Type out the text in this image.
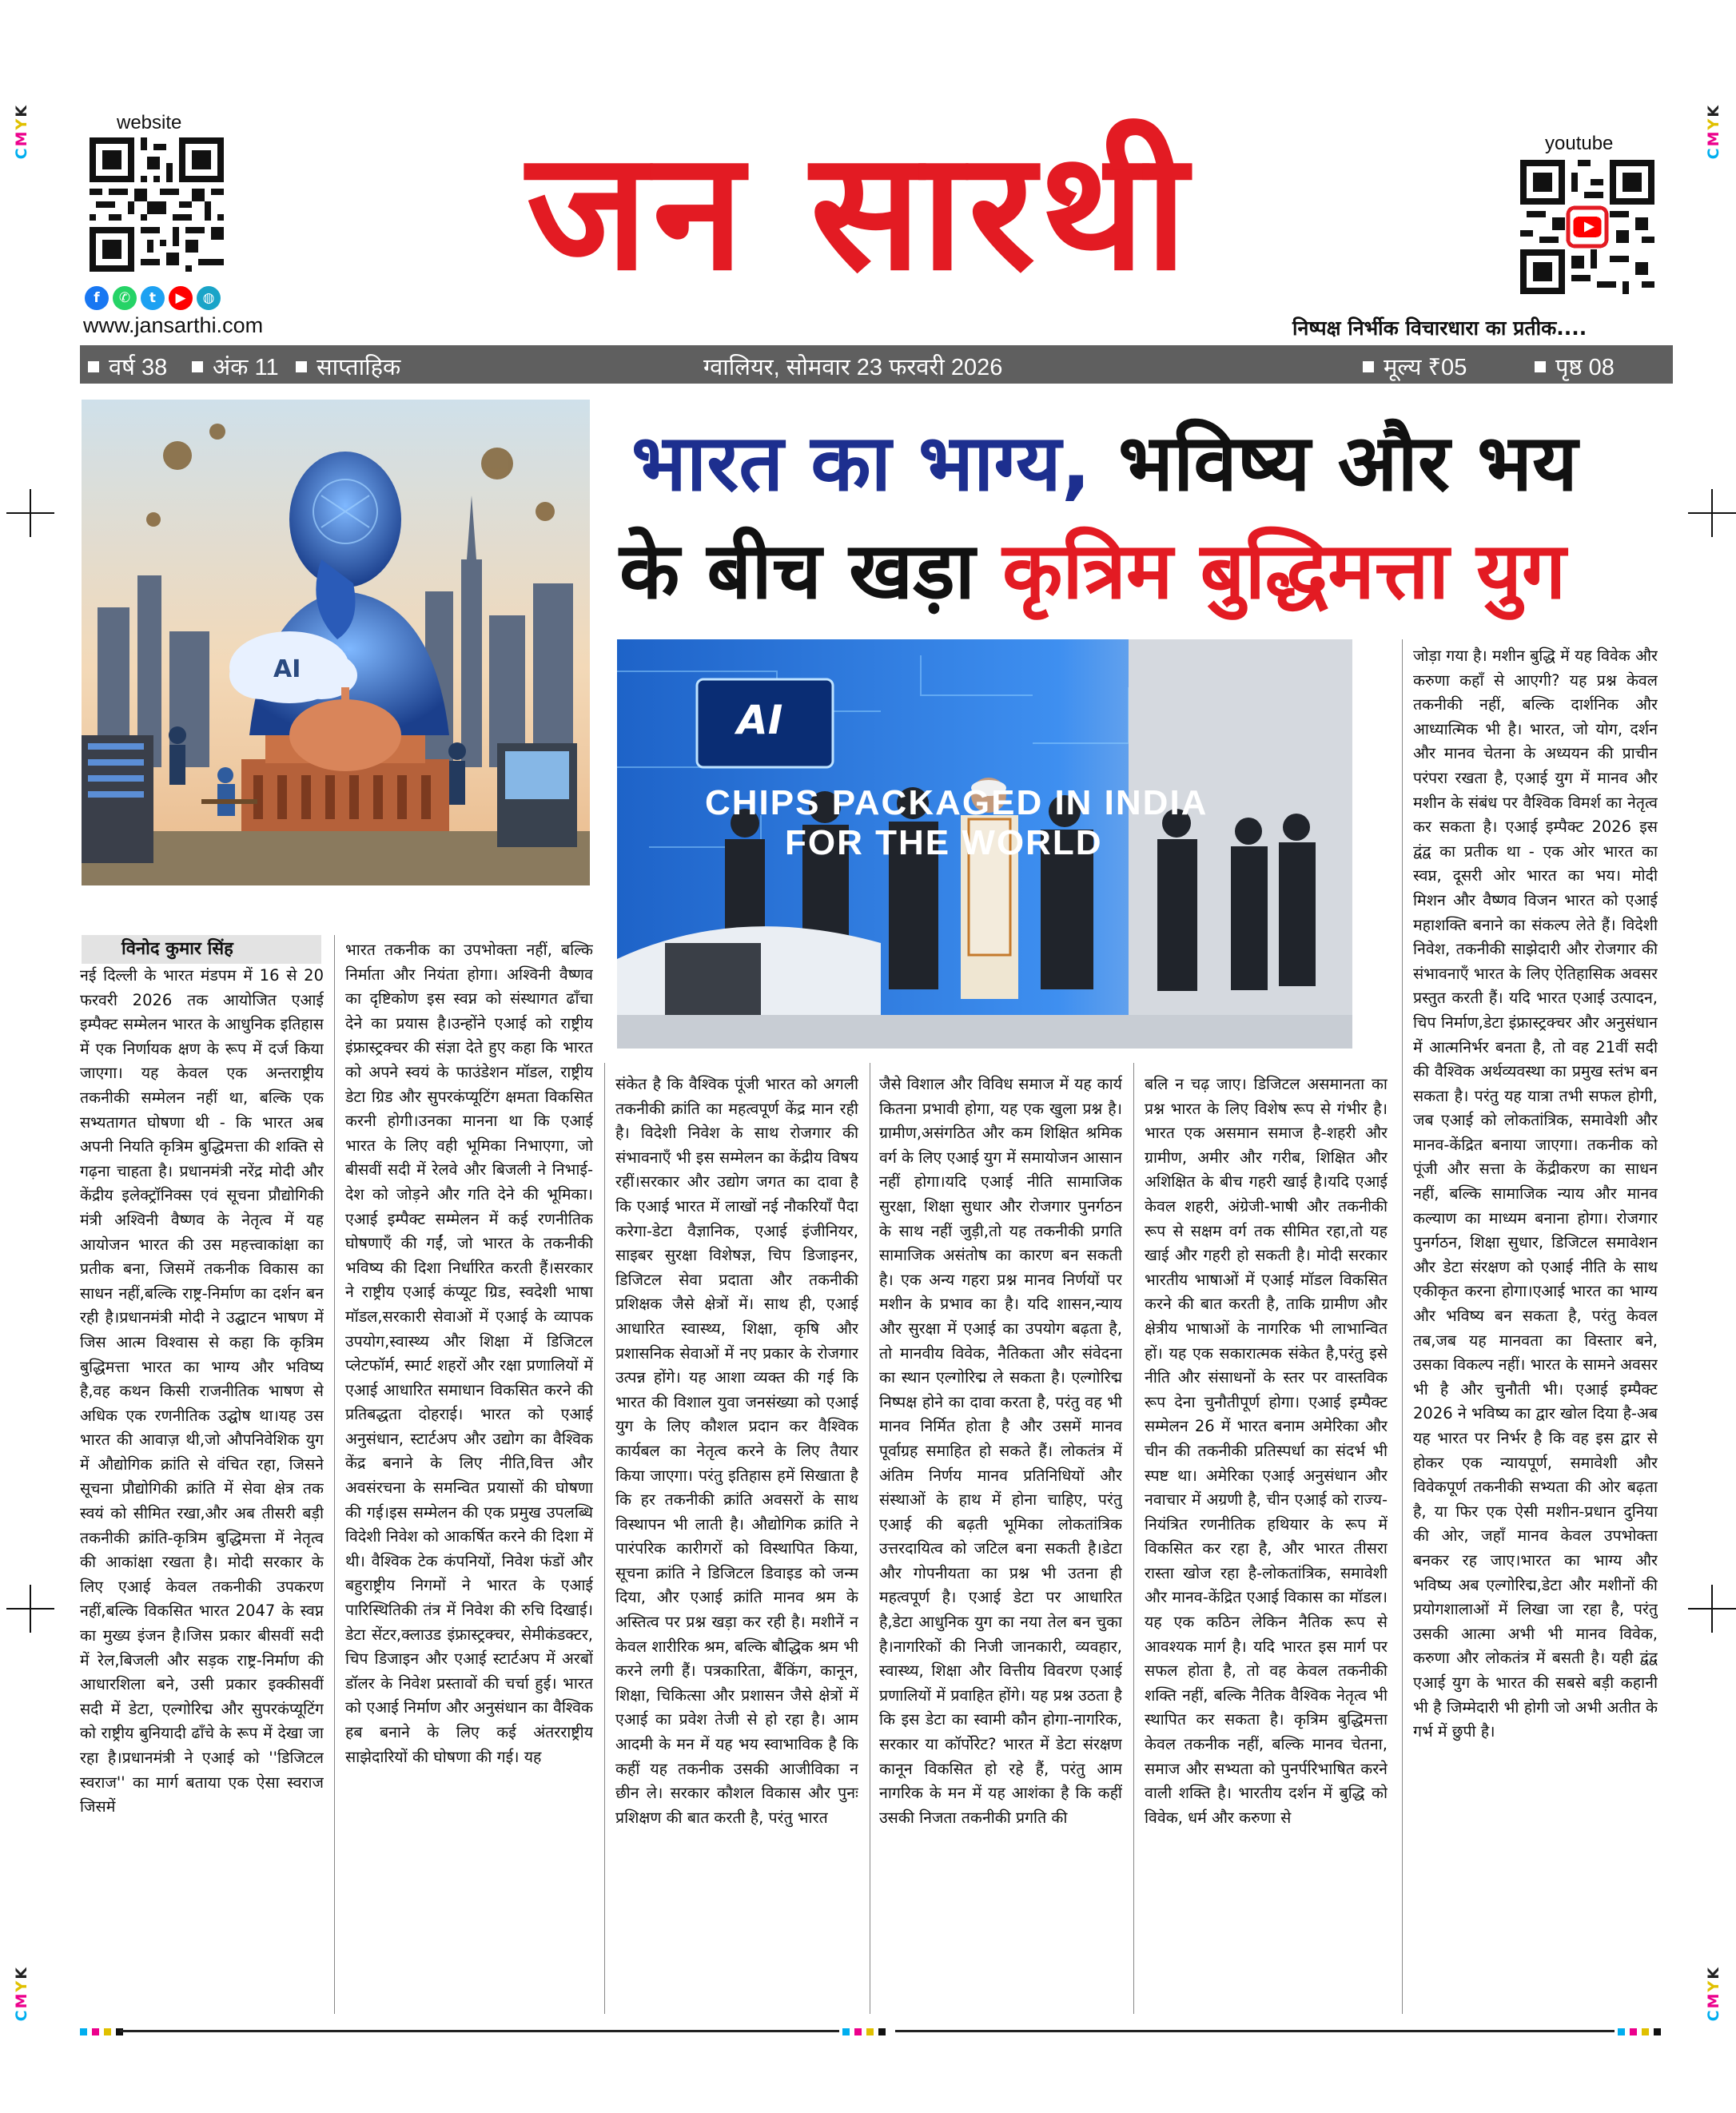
CMYK
CMYK
CMYK
CMYK
website
f	✆	t	▶	◍
www.jansarthi.com
जन सारथी	youtube
निष्पक्ष निर्भीक विचारधारा का प्रतीक....
वर्ष 38 अंक 11 साप्ताहिक	ग्वालियर, सोमवार 23 फरवरी 2026	मूल्य ₹05	पृष्ठ 08
AI
भारत का भाग्य, भविष्य और भय
के बीच खड़ा कृत्रिम बुद्धिमत्ता युग
AI
CHIPS PACKAGED IN INDIA
FOR THE WORLD
विनोद कुमार सिंह
नई दिल्ली के भारत मंडपम में 16 से 20 फरवरी 2026 तक आयोजित एआई इम्पैक्ट सम्मेलन भारत के आधुनिक इतिहास में एक निर्णायक क्षण के रूप में दर्ज किया जाएगा। यह केवल एक अन्तराष्ट्रीय तकनीकी सम्मेलन नहीं था, बल्कि एक सभ्यतागत घोषणा थी - कि भारत अब अपनी नियति कृत्रिम बुद्धिमत्ता की शक्ति से गढ़ना चाहता है। प्रधानमंत्री नरेंद्र मोदी और केंद्रीय इलेक्ट्रॉनिक्स एवं सूचना प्रौद्योगिकी मंत्री अश्विनी वैष्णव के नेतृत्व में यह आयोजन भारत की उस महत्त्वाकांक्षा का प्रतीक बना, जिसमें तकनीक विकास का साधन नहीं,बल्कि राष्ट्र-निर्माण का दर्शन बन रही है।प्रधानमंत्री मोदी ने उद्घाटन भाषण में जिस आत्म विश्वास से कहा कि कृत्रिम बुद्धिमत्ता भारत का भाग्य और भविष्य है,वह कथन किसी राजनीतिक भाषण से अधिक एक रणनीतिक उद्घोष था।यह उस भारत की आवाज़ थी,जो औपनिवेशिक युग में औद्योगिक क्रांति से वंचित रहा, जिसने सूचना प्रौद्योगिकी क्रांति में सेवा क्षेत्र तक स्वयं को सीमित रखा,और अब तीसरी बड़ी तकनीकी क्रांति-कृत्रिम बुद्धिमत्ता में नेतृत्व की आकांक्षा रखता है। मोदी सरकार के लिए एआई केवल तकनीकी उपकरण नहीं,बल्कि विकसित भारत 2047 के स्वप्न का मुख्य इंजन है।जिस प्रकार बीसवीं सदी में रेल,बिजली और सड़क राष्ट्र-निर्माण की आधारशिला बने, उसी प्रकार इक्कीसवीं सदी में डेटा, एल्गोरिद्म और सुपरकंप्यूटिंग को राष्ट्रीय बुनियादी ढाँचे के रूप में देखा जा रहा है।प्रधानमंत्री ने एआई को ''डिजिटल स्वराज'' का मार्ग बताया एक ऐसा स्वराज जिसमें
भारत तकनीक का उपभोक्ता नहीं, बल्कि निर्माता और नियंता होगा। अश्विनी वैष्णव का दृष्टिकोण इस स्वप्न को संस्थागत ढाँचा देने का प्रयास है।उन्होंने एआई को राष्ट्रीय इंफ्रास्ट्रक्चर की संज्ञा देते हुए कहा कि भारत को अपने स्वयं के फाउंडेशन मॉडल, राष्ट्रीय डेटा ग्रिड और सुपरकंप्यूटिंग क्षमता विकसित करनी होगी।उनका मानना था कि एआई भारत के लिए वही भूमिका निभाएगा, जो बीसवीं सदी में रेलवे और बिजली ने निभाई-देश को जोड़ने और गति देने की भूमिका। एआई इम्पैक्ट सम्मेलन में कई रणनीतिक घोषणाएँ की गईं, जो भारत के तकनीकी भविष्य की दिशा निर्धारित करती हैं।सरकार ने राष्ट्रीय एआई कंप्यूट ग्रिड, स्वदेशी भाषा मॉडल,सरकारी सेवाओं में एआई के व्यापक उपयोग,स्वास्थ्य और शिक्षा में डिजिटल प्लेटफॉर्म, स्मार्ट शहरों और रक्षा प्रणालियों में एआई आधारित समाधान विकसित करने की प्रतिबद्धता दोहराई। भारत को एआई अनुसंधान, स्टार्टअप और उद्योग का वैश्विक केंद्र बनाने के लिए नीति,वित्त और अवसंरचना के समन्वित प्रयासों की घोषणा की गई।इस सम्मेलन की एक प्रमुख उपलब्धि विदेशी निवेश को आकर्षित करने की दिशा में थी। वैश्विक टेक कंपनियों, निवेश फंडों और बहुराष्ट्रीय निगमों ने भारत के एआई पारिस्थितिकी तंत्र में निवेश की रुचि दिखाई।डेटा सेंटर,क्लाउड इंफ्रास्ट्रक्चर, सेमीकंडक्टर, चिप डिजाइन और एआई स्टार्टअप में अरबों डॉलर के निवेश प्रस्तावों की चर्चा हुई। भारत को एआई निर्माण और अनुसंधान का वैश्विक हब बनाने के लिए कई अंतरराष्ट्रीय साझेदारियों की घोषणा की गई। यह
संकेत है कि वैश्विक पूंजी भारत को अगली तकनीकी क्रांति का महत्वपूर्ण केंद्र मान रही है। विदेशी निवेश के साथ रोजगार की संभावनाएँ भी इस सम्मेलन का केंद्रीय विषय रहीं।सरकार और उद्योग जगत का दावा है कि एआई भारत में लाखों नई नौकरियाँ पैदा करेगा-डेटा वैज्ञानिक, एआई इंजीनियर, साइबर सुरक्षा विशेषज्ञ, चिप डिजाइनर, डिजिटल सेवा प्रदाता और तकनीकी प्रशिक्षक जैसे क्षेत्रों में। साथ ही, एआई आधारित स्वास्थ्य, शिक्षा, कृषि और प्रशासनिक सेवाओं में नए प्रकार के रोजगार उत्पन्न होंगे। यह आशा व्यक्त की गई कि भारत की विशाल युवा जनसंख्या को एआई युग के लिए कौशल प्रदान कर वैश्विक कार्यबल का नेतृत्व करने के लिए तैयार किया जाएगा। परंतु इतिहास हमें सिखाता है कि हर तकनीकी क्रांति अवसरों के साथ विस्थापन भी लाती है। औद्योगिक क्रांति ने पारंपरिक कारीगरों को विस्थापित किया, सूचना क्रांति ने डिजिटल डिवाइड को जन्म दिया, और एआई क्रांति मानव श्रम के अस्तित्व पर प्रश्न खड़ा कर रही है। मशीनें न केवल शारीरिक श्रम, बल्कि बौद्धिक श्रम भी करने लगी हैं। पत्रकारिता, बैंकिंग, कानून, शिक्षा, चिकित्सा और प्रशासन जैसे क्षेत्रों में एआई का प्रवेश तेजी से हो रहा है। आम आदमी के मन में यह भय स्वाभाविक है कि कहीं यह तकनीक उसकी आजीविका न छीन ले। सरकार कौशल विकास और पुनः प्रशिक्षण की बात करती है, परंतु भारत
जैसे विशाल और विविध समाज में यह कार्य कितना प्रभावी होगा, यह एक खुला प्रश्न है। ग्रामीण,असंगठित और कम शिक्षित श्रमिक वर्ग के लिए एआई युग में समायोजन आसान नहीं होगा।यदि एआई नीति सामाजिक सुरक्षा, शिक्षा सुधार और रोजगार पुनर्गठन के साथ नहीं जुड़ी,तो यह तकनीकी प्रगति सामाजिक असंतोष का कारण बन सकती है। एक अन्य गहरा प्रश्न मानव निर्णयों पर मशीन के प्रभाव का है। यदि शासन,न्याय और सुरक्षा में एआई का उपयोग बढ़ता है, तो मानवीय विवेक, नैतिकता और संवेदना का स्थान एल्गोरिद्म ले सकता है। एल्गोरिद्म निष्पक्ष होने का दावा करता है, परंतु वह भी मानव निर्मित होता है और उसमें मानव पूर्वाग्रह समाहित हो सकते हैं। लोकतंत्र में अंतिम निर्णय मानव प्रतिनिधियों और संस्थाओं के हाथ में होना चाहिए, परंतु एआई की बढ़ती भूमिका लोकतांत्रिक उत्तरदायित्व को जटिल बना सकती है।डेटा और गोपनीयता का प्रश्न भी उतना ही महत्वपूर्ण है। एआई डेटा पर आधारित है,डेटा आधुनिक युग का नया तेल बन चुका है।नागरिकों की निजी जानकारी, व्यवहार, स्वास्थ्य, शिक्षा और वित्तीय विवरण एआई प्रणालियों में प्रवाहित होंगे। यह प्रश्न उठता है कि इस डेटा का स्वामी कौन होगा-नागरिक, सरकार या कॉर्पोरेट? भारत में डेटा संरक्षण कानून विकसित हो रहे हैं, परंतु आम नागरिक के मन में यह आशंका है कि कहीं उसकी निजता तकनीकी प्रगति की
बलि न चढ़ जाए। डिजिटल असमानता का प्रश्न भारत के लिए विशेष रूप से गंभीर है। भारत एक असमान समाज है-शहरी और ग्रामीण, अमीर और गरीब, शिक्षित और अशिक्षित के बीच गहरी खाई है।यदि एआई केवल शहरी, अंग्रेजी-भाषी और तकनीकी रूप से सक्षम वर्ग तक सीमित रहा,तो यह खाई और गहरी हो सकती है। मोदी सरकार भारतीय भाषाओं में एआई मॉडल विकसित करने की बात करती है, ताकि ग्रामीण और क्षेत्रीय भाषाओं के नागरिक भी लाभान्वित हों। यह एक सकारात्मक संकेत है,परंतु इसे नीति और संसाधनों के स्तर पर वास्तविक रूप देना चुनौतीपूर्ण होगा। एआई इम्पैक्ट सम्मेलन 26 में भारत बनाम अमेरिका और चीन की तकनीकी प्रतिस्पर्धा का संदर्भ भी स्पष्ट था। अमेरिका एआई अनुसंधान और नवाचार में अग्रणी है, चीन एआई को राज्य-नियंत्रित रणनीतिक हथियार के रूप में विकसित कर रहा है, और भारत तीसरा रास्ता खोज रहा है-लोकतांत्रिक, समावेशी और मानव-केंद्रित एआई विकास का मॉडल। यह एक कठिन लेकिन नैतिक रूप से आवश्यक मार्ग है। यदि भारत इस मार्ग पर सफल होता है, तो वह केवल तकनीकी शक्ति नहीं, बल्कि नैतिक वैश्विक नेतृत्व भी स्थापित कर सकता है। कृत्रिम बुद्धिमत्ता केवल तकनीक नहीं, बल्कि मानव चेतना, समाज और सभ्यता को पुनर्परिभाषित करने वाली शक्ति है। भारतीय दर्शन में बुद्धि को विवेक, धर्म और करुणा से
जोड़ा गया है। मशीन बुद्धि में यह विवेक और करुणा कहाँ से आएगी? यह प्रश्न केवल तकनीकी नहीं, बल्कि दार्शनिक और आध्यात्मिक भी है। भारत, जो योग, दर्शन और मानव चेतना के अध्ययन की प्राचीन परंपरा रखता है, एआई युग में मानव और मशीन के संबंध पर वैश्विक विमर्श का नेतृत्व कर सकता है। एआई इम्पैक्ट 2026 इस द्वंद्व का प्रतीक था - एक ओर भारत का स्वप्न, दूसरी ओर भारत का भय। मोदी मिशन और वैष्णव विजन भारत को एआई महाशक्ति बनाने का संकल्प लेते हैं। विदेशी निवेश, तकनीकी साझेदारी और रोजगार की संभावनाएँ भारत के लिए ऐतिहासिक अवसर प्रस्तुत करती हैं। यदि भारत एआई उत्पादन, चिप निर्माण,डेटा इंफ्रास्ट्रक्चर और अनुसंधान में आत्मनिर्भर बनता है, तो वह 21वीं सदी की वैश्विक अर्थव्यवस्था का प्रमुख स्तंभ बन सकता है। परंतु यह यात्रा तभी सफल होगी, जब एआई को लोकतांत्रिक, समावेशी और मानव-केंद्रित बनाया जाएगा। तकनीक को पूंजी और सत्ता के केंद्रीकरण का साधन नहीं, बल्कि सामाजिक न्याय और मानव कल्याण का माध्यम बनाना होगा। रोजगार पुनर्गठन, शिक्षा सुधार, डिजिटल समावेशन और डेटा संरक्षण को एआई नीति के साथ एकीकृत करना होगा।एआई भारत का भाग्य और भविष्य बन सकता है, परंतु केवल तब,जब यह मानवता का विस्तार बने, उसका विकल्प नहीं। भारत के सामने अवसर भी है और चुनौती भी। एआई इम्पैक्ट 2026 ने भविष्य का द्वार खोल दिया है-अब यह भारत पर निर्भर है कि वह इस द्वार से होकर एक न्यायपूर्ण, समावेशी और विवेकपूर्ण तकनीकी सभ्यता की ओर बढ़ता है, या फिर एक ऐसी मशीन-प्रधान दुनिया की ओर, जहाँ मानव केवल उपभोक्ता बनकर रह जाए।भारत का भाग्य और भविष्य अब एल्गोरिद्म,डेटा और मशीनों की प्रयोगशालाओं में लिखा जा रहा है, परंतु उसकी आत्मा अभी भी मानव विवेक, करुणा और लोकतंत्र में बसती है। यही द्वंद्व एआई युग के भारत की सबसे बड़ी कहानी भी है जिम्मेदारी भी होगी जो अभी अतीत के गर्भ में छुपी है।
